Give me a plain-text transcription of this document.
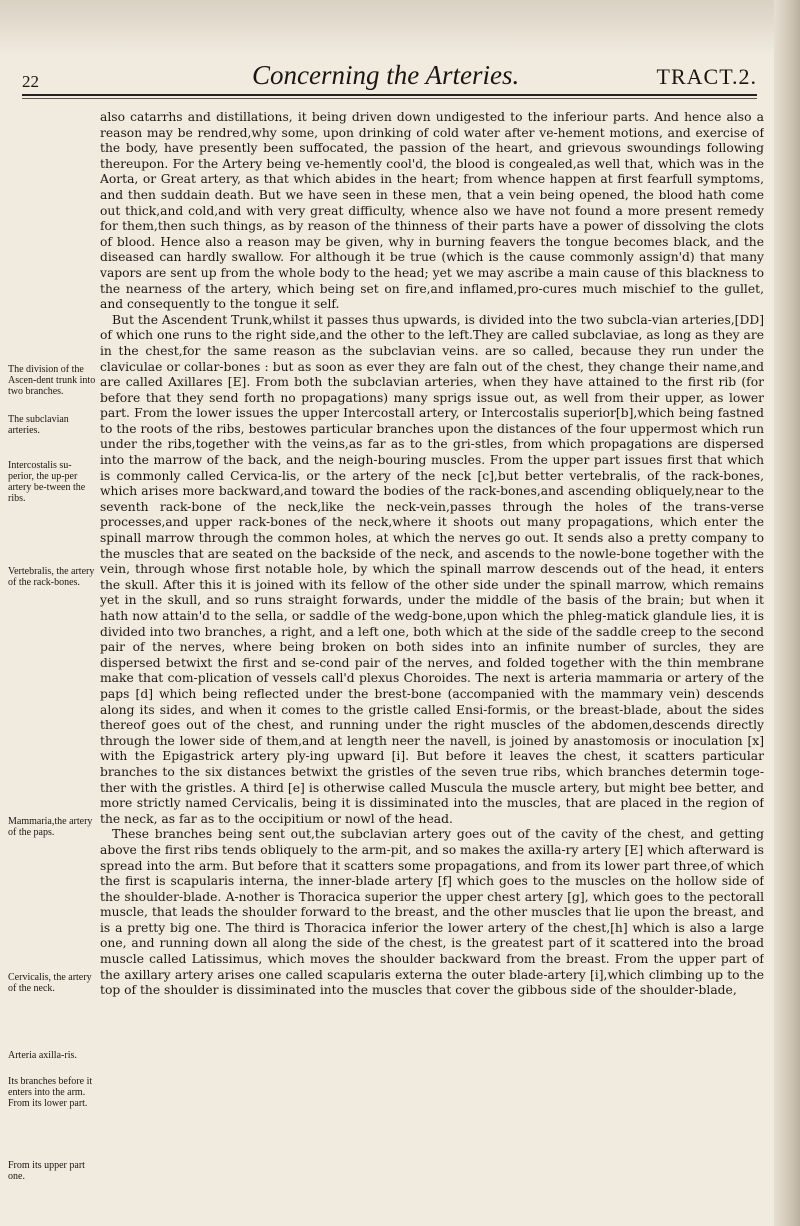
22	Concerning the Arteries.	TRACT.2.
The division of the Ascen-dent trunk into two branches.
The subclavian arteries.
Intercostalis su-perior, the up-per artery be-tween the ribs.
Vertebralis, the artery of the rack-bones.
Mammaria,the artery of the paps.
Cervicalis, the artery of the neck.
Arteria axilla-ris.
Its branches before it enters into the arm. From its lower part.
From its upper part one.

also catarrhs and distillations, it being driven down undigested to the inferiour parts. And hence also a reason may be rendred,why some, upon drinking of cold water after ve-hement motions, and exercise of the body, have presently been suffocated, the passion of the heart, and grievous swoundings following thereupon. For the Artery being ve-hemently cool'd, the blood is congealed,as well that, which was in the Aorta, or Great artery, as that which abides in the heart; from whence happen at first fearfull symptoms, and then suddain death. But we have seen in these men, that a vein being opened, the blood hath come out thick,and cold,and with very great difficulty, whence also we have not found a more present remedy for them,then such things, as by reason of the thinness of their parts have a power of dissolving the clots of blood. Hence also a reason may be given, why in burning feavers the tongue becomes black, and the diseased can hardly swallow. For although it be true (which is the cause commonly assign'd) that many vapors are sent up from the whole body to the head; yet we may ascribe a main cause of this blackness to the nearness of the artery, which being set on fire,and inflamed,pro-cures much mischief to the gullet, and consequently to the tongue it self.

But the Ascendent Trunk,whilst it passes thus upwards, is divided into the two subcla-vian arteries,[DD] of which one runs to the right side,and the other to the left.They are called subclaviae, as long as they are in the chest,for the same reason as the subclavian veins. are so called, because they run under the claviculae or collar-bones : but as soon as ever they are faln out of the chest, they change their name,and are called Axillares [E]. From both the subclavian arteries, when they have attained to the first rib (for before that they send forth no propagations) many sprigs issue out, as well from their upper, as lower part. From the lower issues the upper Intercostall artery, or Intercostalis superior[b],which being fastned to the roots of the ribs, bestowes particular branches upon the distances of the four uppermost which run under the ribs,together with the veins,as far as to the gri-stles, from which propagations are dispersed into the marrow of the back, and the neigh-bouring muscles. From the upper part issues first that which is commonly called Cervica-lis, or the artery of the neck [c],but better vertebralis, of the rack-bones, which arises more backward,and toward the bodies of the rack-bones,and ascending obliquely,near to the seventh rack-bone of the neck,like the neck-vein,passes through the holes of the trans-verse processes,and upper rack-bones of the neck,where it shoots out many propagations, which enter the spinall marrow through the common holes, at which the nerves go out. It sends also a pretty company to the muscles that are seated on the backside of the neck, and ascends to the nowle-bone together with the vein, through whose first notable hole, by which the spinall marrow descends out of the head, it enters the skull. After this it is joined with its fellow of the other side under the spinall marrow, which remains yet in the skull, and so runs straight forwards, under the middle of the basis of the brain; but when it hath now attain'd to the sella, or saddle of the wedg-bone,upon which the phleg-matick glandule lies, it is divided into two branches, a right, and a left one, both which at the side of the saddle creep to the second pair of the nerves, where being broken on both sides into an infinite number of surcles, they are dispersed betwixt the first and se-cond pair of the nerves, and folded together with the thin membrane make that com-plication of vessels call'd plexus Choroides. The next is arteria mammaria or artery of the paps [d] which being reflected under the brest-bone (accompanied with the mammary vein) descends along its sides, and when it comes to the gristle called Ensi-formis, or the breast-blade, about the sides thereof goes out of the chest, and running under the right muscles of the abdomen,descends directly through the lower side of them,and at length neer the navell, is joined by anastomosis or inoculation [x] with the Epigastrick artery ply-ing upward [i]. But before it leaves the chest, it scatters particular branches to the six distances betwixt the gristles of the seven true ribs, which branches determin toge-ther with the gristles. A third [e] is otherwise called Muscula the muscle artery, but might bee better, and more strictly named Cervicalis, being it is dissiminated into the muscles, that are placed in the region of the neck, as far as to the occipitium or nowl of the head.

These branches being sent out,the subclavian artery goes out of the cavity of the chest, and getting above the first ribs tends obliquely to the arm-pit, and so makes the axilla-ry artery [E] which afterward is spread into the arm. But before that it scatters some propagations, and from its lower part three,of which the first is scapularis interna, the inner-blade artery [f] which goes to the muscles on the hollow side of the shoulder-blade. A-nother is Thoracica superior the upper chest artery [g], which goes to the pectorall muscle, that leads the shoulder forward to the breast, and the other muscles that lie upon the breast, and is a pretty big one. The third is Thoracica inferior the lower artery of the chest,[h] which is also a large one, and running down all along the side of the chest, is the greatest part of it scattered into the broad muscle called Latissimus, which moves the shoulder backward from the breast. From the upper part of the axillary artery arises one called scapularis externa the outer blade-artery [i],which climbing up to the top of the shoulder is dissiminated into the muscles that cover the gibbous side of the shoulder-blade,
